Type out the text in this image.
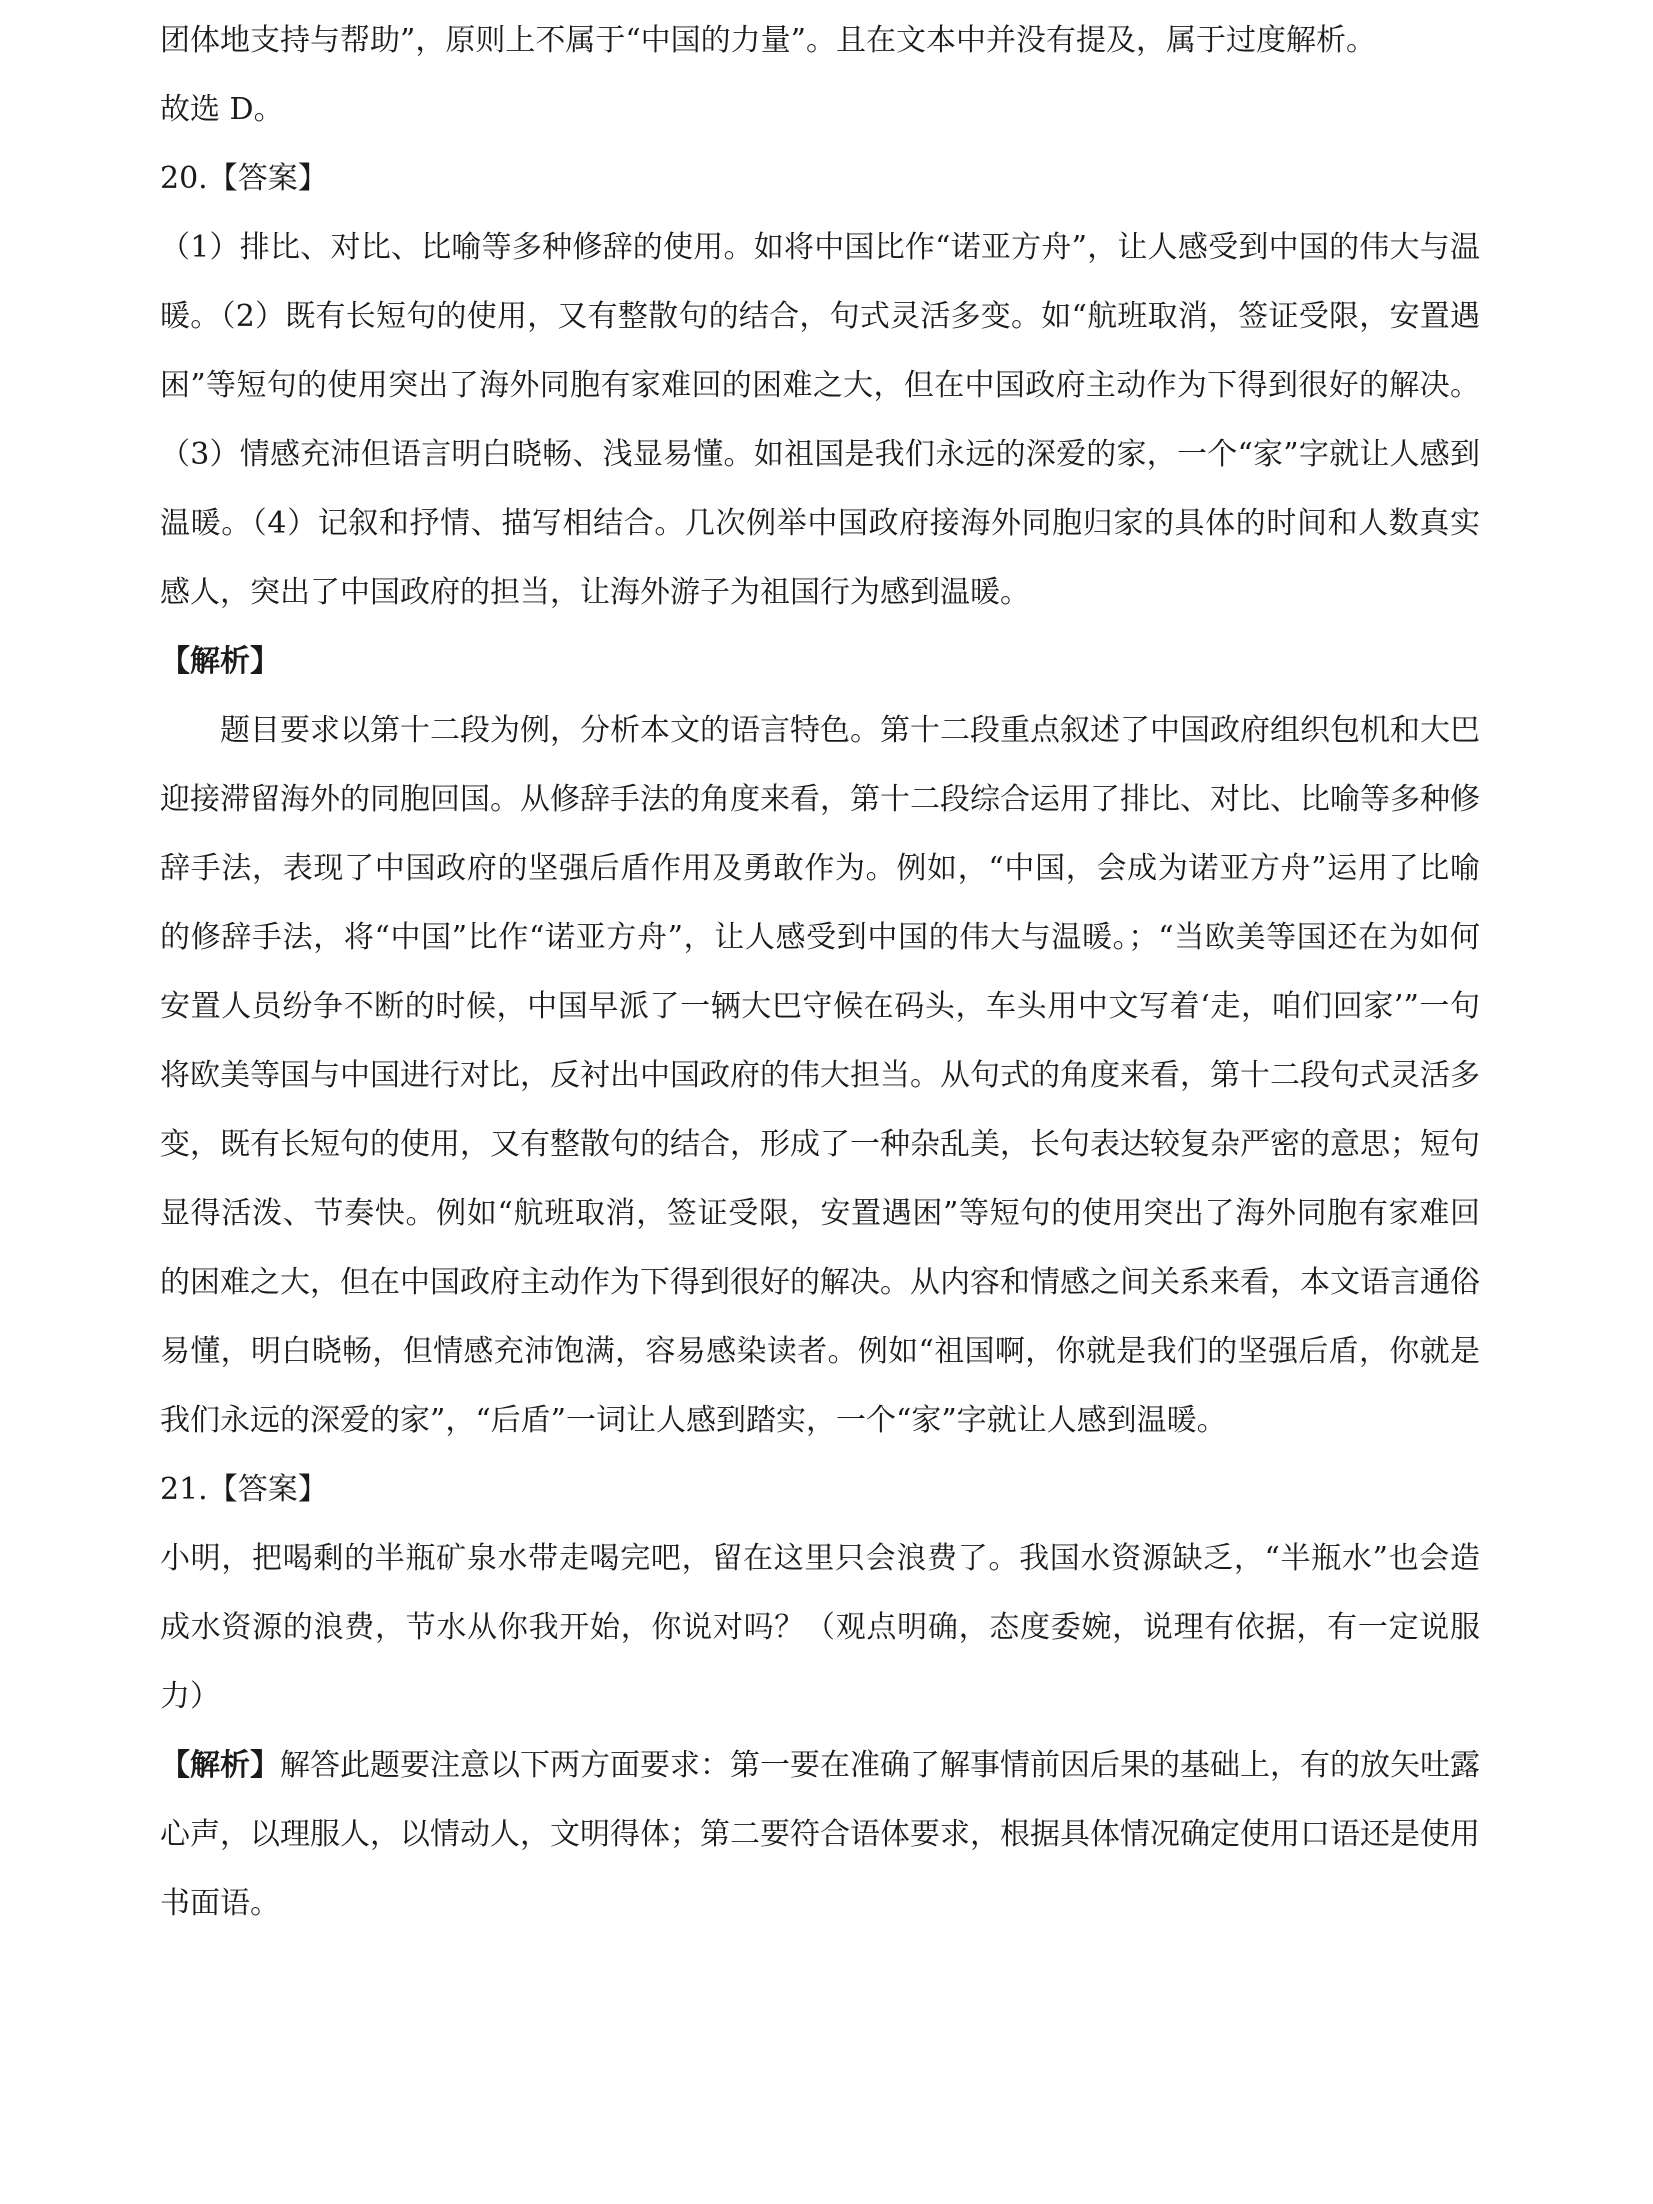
团体地支持与帮助”，原则上不属于“中国的力量”。且在文本中并没有提及，属于过度解析。

故选 D。

20.【答案】

（1）排比、对比、比喻等多种修辞的使用。如将中国比作“诺亚方舟”，让人感受到中国的伟大与温暖。（2）既有长短句的使用，又有整散句的结合，句式灵活多变。如“航班取消，签证受限，安置遇困”等短句的使用突出了海外同胞有家难回的困难之大，但在中国政府主动作为下得到很好的解决。（3）情感充沛但语言明白晓畅、浅显易懂。如祖国是我们永远的深爱的家，一个“家”字就让人感到温暖。（4）记叙和抒情、描写相结合。几次例举中国政府接海外同胞归家的具体的时间和人数真实感人，突出了中国政府的担当，让海外游子为祖国行为感到温暖。

【解析】

题目要求以第十二段为例，分析本文的语言特色。第十二段重点叙述了中国政府组织包机和大巴迎接滞留海外的同胞回国。从修辞手法的角度来看，第十二段综合运用了排比、对比、比喻等多种修辞手法，表现了中国政府的坚强后盾作用及勇敢作为。例如，“中国，会成为诺亚方舟”运用了比喻的修辞手法，将“中国”比作“诺亚方舟”，让人感受到中国的伟大与温暖。；“当欧美等国还在为如何安置人员纷争不断的时候，中国早派了一辆大巴守候在码头，车头用中文写着‘走，咱们回家’”一句将欧美等国与中国进行对比，反衬出中国政府的伟大担当。从句式的角度来看，第十二段句式灵活多变，既有长短句的使用，又有整散句的结合，形成了一种杂乱美，长句表达较复杂严密的意思；短句显得活泼、节奏快。例如“航班取消，签证受限，安置遇困”等短句的使用突出了海外同胞有家难回的困难之大，但在中国政府主动作为下得到很好的解决。从内容和情感之间关系来看，本文语言通俗易懂，明白晓畅，但情感充沛饱满，容易感染读者。例如“祖国啊，你就是我们的坚强后盾，你就是我们永远的深爱的家”，“后盾”一词让人感到踏实，一个“家”字就让人感到温暖。

21.【答案】

小明，把喝剩的半瓶矿泉水带走喝完吧，留在这里只会浪费了。我国水资源缺乏，“半瓶水”也会造成水资源的浪费，节水从你我开始，你说对吗？（观点明确，态度委婉，说理有依据，有一定说服力）

【解析】解答此题要注意以下两方面要求：第一要在准确了解事情前因后果的基础上，有的放矢吐露心声，以理服人，以情动人，文明得体；第二要符合语体要求，根据具体情况确定使用口语还是使用书面语。
